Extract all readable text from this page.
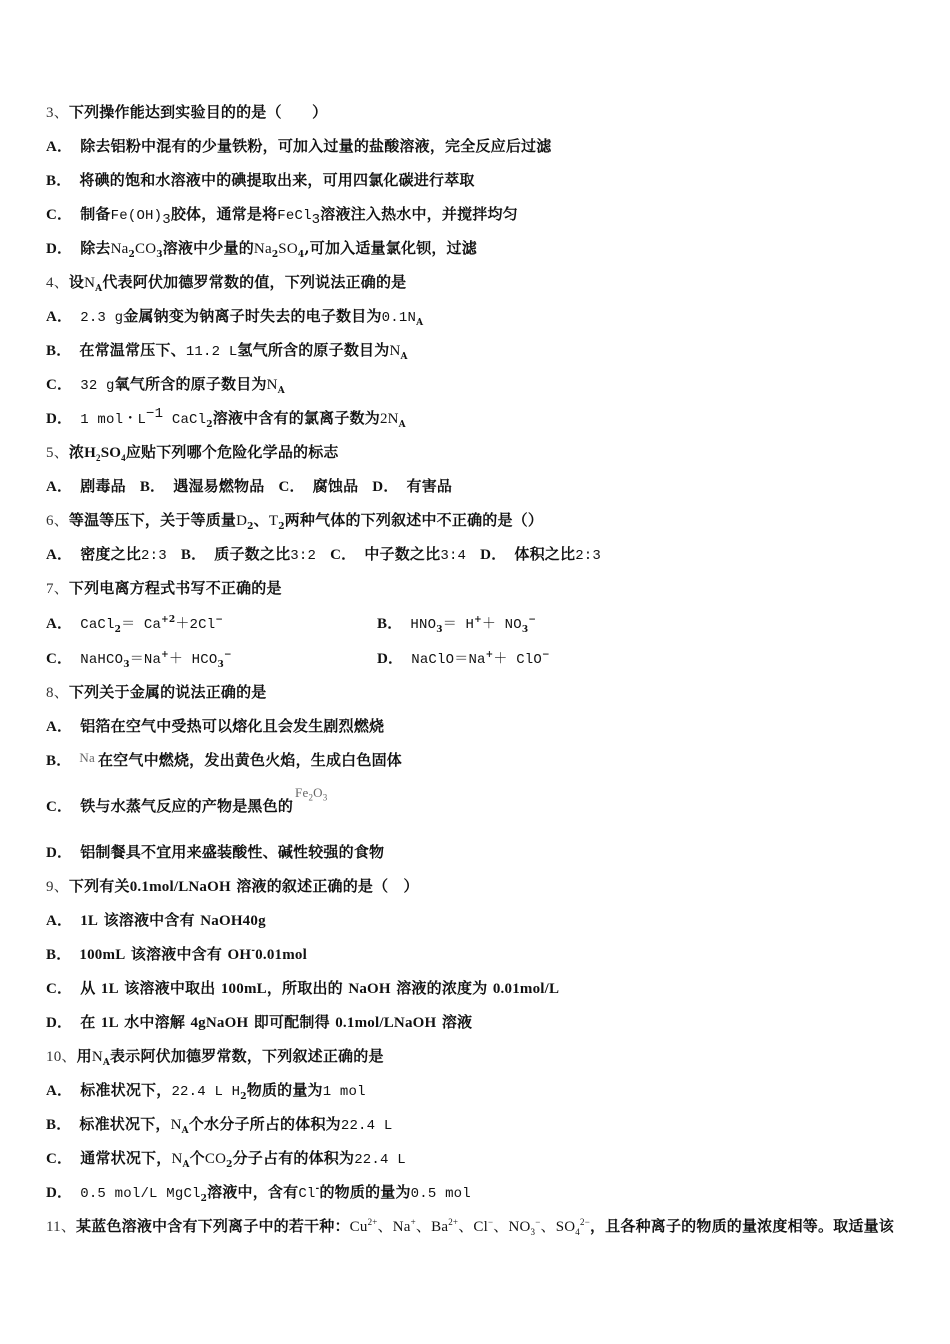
3、下列操作能达到实验目的的是（　　）
A． 除去铝粉中混有的少量铁粉，可加入过量的盐酸溶液，完全反应后过滤
B． 将碘的饱和水溶液中的碘提取出来，可用四氯化碳进行萃取
C． 制备$Fe(OH)_3$胶体，通常是将FeCl$_3$溶液注入热水中，并搅拌均匀
D． 除去$Na_2CO_3$溶液中少量的$Na_2SO_4$,可加入适量氯化钡，过滤
4、设$N_A$代表阿伏加德罗常数的值，下列说法正确的是
A． 2.3 g金属钠变为钠离子时失去的电子数目为$0.1N_A$
B． 在常温常压下、11.2 L氢气所含的原子数目为$N_A$
C． 32 g氧气所含的原子数目为$N_A$
D． 1 mol・$L^{-1}$ CaCl$_2$溶液中含有的氯离子数为$2N_A$
5、浓$H_2SO_4$应贴下列哪个危险化学品的标志
A． 剧毒品 B． 遇湿易燃物品 C． 腐蚀品 D． 有害品
6、等温等压下，关于等质量$D_2$、$T_2$两种气体的下列叙述中不正确的是（）
A． 密度之比2:3 B． 质子数之比3:2 C． 中子数之比3:4 D． 体积之比2:3
7、下列电离方程式书写不正确的是
A． CaCl$_2$＝ $Ca^{+2}+2Cl^-$	B． $HNO_3= H^++ NO_3^-$
C． NaHCO$_3$＝Na+＋ $HCO_3^-$	D． NaClO＝Na+＋ ClO−
8、下列关于金属的说法正确的是
A． 铝箔在空气中受热可以熔化且会发生剧烈燃烧
B． Na 在空气中燃烧，发出黄色火焰，生成白色固体
C． 铁与水蒸气反应的产物是黑色的$Fe_2O_3$
D． 铝制餐具不宜用来盛装酸性、碱性较强的食物
9、下列有关0.1mol/LNaOH 溶液的叙述正确的是（　）
A． 1L 该溶液中含有 NaOH40g
B． 100mL 该溶液中含有 OH-0.01mol
C． 从 1L 该溶液中取出 100mL，所取出的 NaOH 溶液的浓度为 0.01mol/L
D． 在 1L 水中溶解 4gNaOH 即可配制得 0.1mol/LNaOH 溶液
10、用$N_A$表示阿伏加德罗常数，下列叙述正确的是
A． 标准状况下，22.4 L $H_2$物质的量为1 mol
B． 标准状况下，$N_A$个水分子所占的体积为22.4 L
C． 通常状况下，$N_A$个$CO_2$分子占有的体积为22.4 L
D． 0.5 mol/L MgCl$_2$溶液中，含有Cl-的物质的量为0.5 mol
11、某蓝色溶液中含有下列离子中的若干种：$Cu^{2+}$、Na+、$Ba^{2+}$、Cl−、$NO_3^-$、$SO_4^{2-}$，且各种离子的物质的量浓度相等。取适量该
